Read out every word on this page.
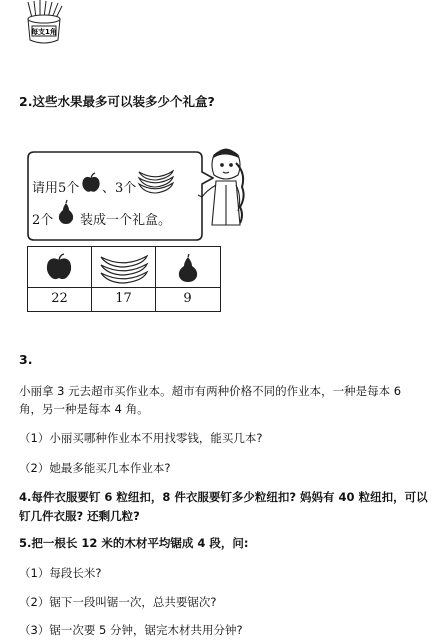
每支1角
2.这些水果最多可以装多少个礼盒?
请用5个 、3个
2个 装成一个礼盒。
22	17	9
3.
小丽拿 3 元去超市买作业本。超市有两种价格不同的作业本，一种是每本 6
角，另一种是每本 4 角。
（1）小丽买哪种作业本不用找零钱，能买几本?
（2）她最多能买几本作业本?
4.每件衣服要钉 6 粒纽扣，8 件衣服要钉多少粒纽扣? 妈妈有 40 粒纽扣，可以
钉几件衣服? 还剩几粒?
5.把一根长 12 米的木材平均锯成 4 段，问:
（1）每段长米?
（2）锯下一段叫锯一次，总共要锯次?
（3）锯一次要 5 分钟，锯完木材共用分钟?
